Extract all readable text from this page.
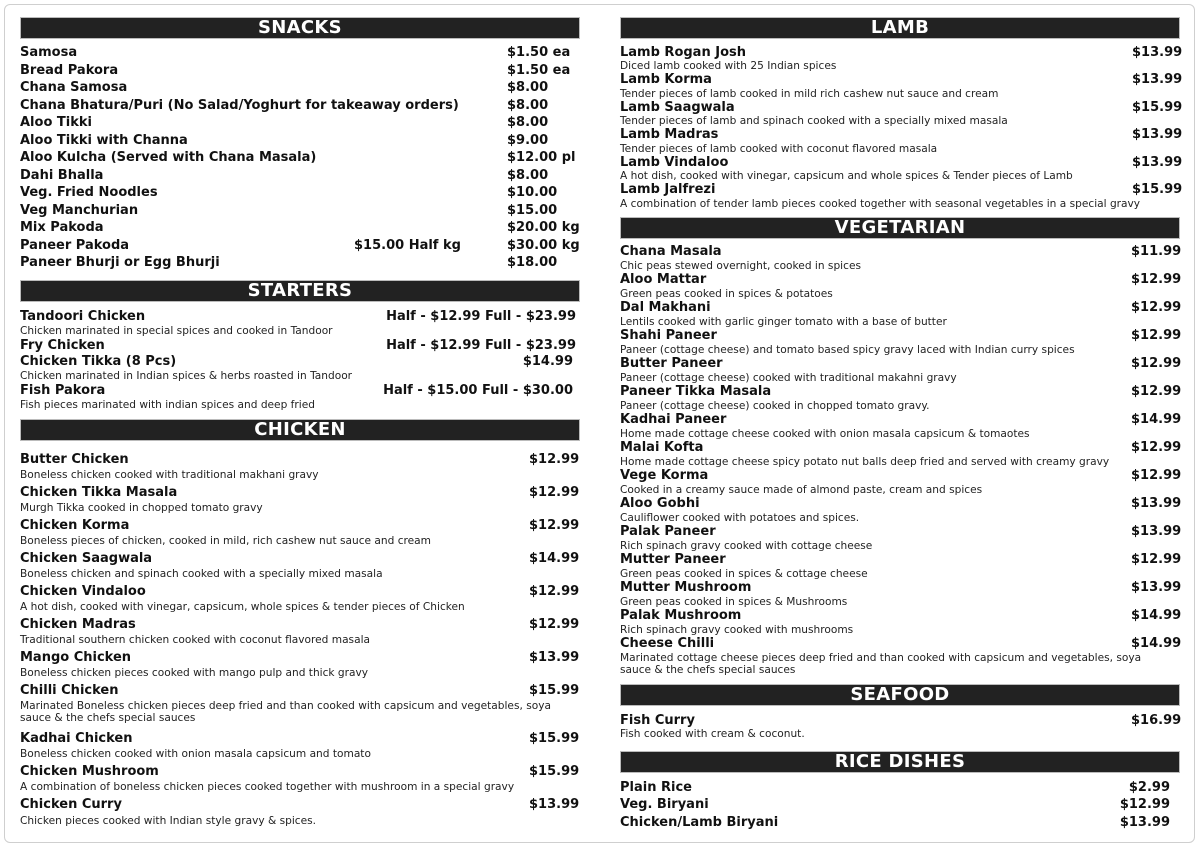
SNACKS
Samosa	$1.50 ea
Bread Pakora	$1.50 ea
Chana Samosa	$8.00
Chana Bhatura/Puri (No Salad/Yoghurt for takeaway orders)	$8.00
Aloo Tikki	$8.00
Aloo Tikki with Channa	$9.00
Aloo Kulcha (Served with Chana Masala)	$12.00 pl
Dahi Bhalla	$8.00
Veg. Fried Noodles	$10.00
Veg Manchurian	$15.00
Mix Pakoda	$20.00 kg
Paneer Pakoda	$15.00 Half kg	$30.00 kg
Paneer Bhurji or Egg Bhurji	$18.00
STARTERS
Tandoori Chicken	Half - $12.99 Full - $23.99
Chicken marinated in special spices and cooked in Tandoor
Fry Chicken	Half - $12.99 Full - $23.99
Chicken Tikka (8 Pcs)	$14.99
Chicken marinated in Indian spices & herbs roasted in Tandoor
Fish Pakora	Half - $15.00 Full - $30.00
Fish pieces marinated with indian spices and deep fried
CHICKEN
Butter Chicken	$12.99
Boneless chicken cooked with traditional makhani gravy
Chicken Tikka Masala	$12.99
Murgh Tikka cooked in chopped tomato gravy
Chicken Korma	$12.99
Boneless pieces of chicken, cooked in mild, rich cashew nut sauce and cream
Chicken Saagwala	$14.99
Boneless chicken and spinach cooked with a specially mixed masala
Chicken Vindaloo	$12.99
A hot dish, cooked with vinegar, capsicum, whole spices & tender pieces of Chicken
Chicken Madras	$12.99
Traditional southern chicken cooked with coconut flavored masala
Mango Chicken	$13.99
Boneless chicken pieces cooked with mango pulp and thick gravy
Chilli Chicken	$15.99
Marinated Boneless chicken pieces deep fried and than cooked with capsicum and vegetables, soya sauce & the chefs special sauces
Kadhai Chicken	$15.99
Boneless chicken cooked with onion masala capsicum and tomato
Chicken Mushroom	$15.99
A combination of boneless chicken pieces cooked together with mushroom in a special gravy
Chicken Curry	$13.99
Chicken pieces cooked with Indian style gravy & spices.
LAMB
Lamb Rogan Josh	$13.99
Diced lamb cooked with 25 Indian spices
Lamb Korma	$13.99
Tender pieces of lamb cooked in mild rich cashew nut sauce and cream
Lamb Saagwala	$15.99
Tender pieces of lamb and spinach cooked with a specially mixed masala
Lamb Madras	$13.99
Tender pieces of lamb cooked with coconut flavored masala
Lamb Vindaloo	$13.99
A hot dish, cooked with vinegar, capsicum and whole spices & Tender pieces of Lamb
Lamb Jalfrezi	$15.99
A combination of tender lamb pieces cooked together with seasonal vegetables in a special gravy
VEGETARIAN
Chana Masala	$11.99
Chic peas stewed overnight, cooked in spices
Aloo Mattar	$12.99
Green peas cooked in spices & potatoes
Dal Makhani	$12.99
Lentils cooked with garlic ginger tomato with a base of butter
Shahi Paneer	$12.99
Paneer (cottage cheese) and tomato based spicy gravy laced with Indian curry spices
Butter Paneer	$12.99
Paneer (cottage cheese) cooked with traditional makahni gravy
Paneer Tikka Masala	$12.99
Paneer (cottage cheese) cooked in chopped tomato gravy.
Kadhai Paneer	$14.99
Home made cottage cheese cooked with onion masala capsicum & tomaotes
Malai Kofta	$12.99
Home made cottage cheese spicy potato nut balls deep fried and served with creamy gravy
Vege Korma	$12.99
Cooked in a creamy sauce made of almond paste, cream and spices
Aloo Gobhi	$13.99
Cauliflower cooked with potatoes and spices.
Palak Paneer	$13.99
Rich spinach gravy cooked with cottage cheese
Mutter Paneer	$12.99
Green peas cooked in spices & cottage cheese
Mutter Mushroom	$13.99
Green peas cooked in spices & Mushrooms
Palak Mushroom	$14.99
Rich spinach gravy cooked with mushrooms
Cheese Chilli	$14.99
Marinated cottage cheese pieces deep fried and than cooked with capsicum and vegetables, soya sauce & the chefs special sauces
SEAFOOD
Fish Curry	$16.99
Fish cooked with cream & coconut.
RICE DISHES
Plain Rice	$2.99
Veg. Biryani	$12.99
Chicken/Lamb Biryani	$13.99
